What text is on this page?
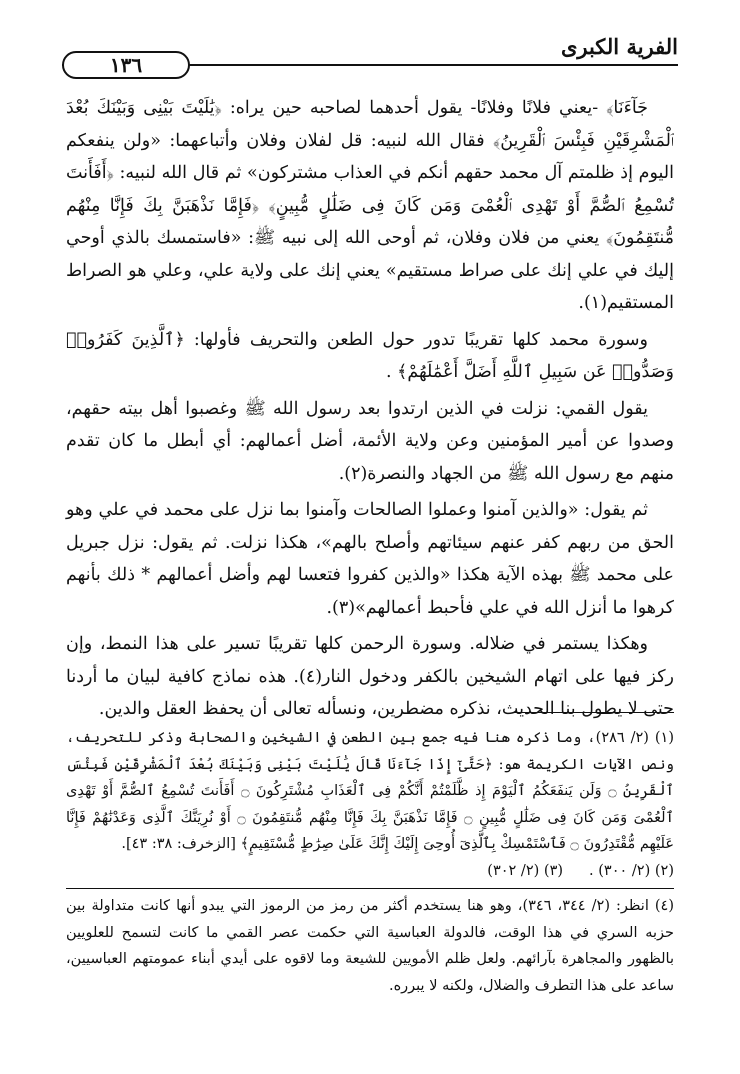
الفرية الكبرى
١٣٦

جَآءَنَا﴾ -يعني فلانًا وفلانًا- يقول أحدهما لصاحبه حين يراه: ﴿يَٰلَيْتَ بَيْنِى وَبَيْنَكَ بُعْدَ ٱلْمَشْرِقَيْنِ فَبِئْسَ ٱلْقَرِينُ﴾ فقال الله لنبيه: قل لفلان وفلان وأتباعهما: «ولن ينفعكم اليوم إذ ظلمتم آل محمد حقهم أنكم في العذاب مشتركون» ثم قال الله لنبيه: ﴿أَفَأَنتَ تُسْمِعُ ٱلصُّمَّ أَوْ تَهْدِى ٱلْعُمْىَ وَمَن كَانَ فِى ضَلَٰلٍ مُّبِينٍ﴾ ﴿فَإِمَّا نَذْهَبَنَّ بِكَ فَإِنَّا مِنْهُم مُّنتَقِمُونَ﴾ يعني من فلان وفلان، ثم أوحى الله إلى نبيه ﷺ: «فاستمسك بالذي أوحي إليك في علي إنك على صراط مستقيم» يعني إنك على ولاية علي، وعلي هو الصراط المستقيم(١).

وسورة محمد كلها تقريبًا تدور حول الطعن والتحريف فأولها: ﴿ٱلَّذِينَ كَفَرُوا۟ وَصَدُّوا۟ عَن سَبِيلِ ٱللَّهِ أَضَلَّ أَعْمَٰلَهُمْ﴾ .

يقول القمي: نزلت في الذين ارتدوا بعد رسول الله ﷺ وغصبوا أهل بيته حقهم، وصدوا عن أمير المؤمنين وعن ولاية الأئمة، أضل أعمالهم: أي أبطل ما كان تقدم منهم مع رسول الله ﷺ من الجهاد والنصرة(٢).

ثم يقول: «والذين آمنوا وعملوا الصالحات وآمنوا بما نزل على محمد في علي وهو الحق من ربهم كفر عنهم سيئاتهم وأصلح بالهم»، هكذا نزلت. ثم يقول: نزل جبريل على محمد ﷺ بهذه الآية هكذا «والذين كفروا فتعسا لهم وأضل أعمالهم * ذلك بأنهم كرهوا ما أنزل الله في علي فأحبط أعمالهم»(٣).

وهكذا يستمر في ضلاله. وسورة الرحمن كلها تقريبًا تسير على هذا النمط، وإن ركز فيها على اتهام الشيخين بالكفر ودخول النار(٤). هذه نماذج كافية لبيان ما أردنا حتى لا يطول بنا الحديث، نذكره مضطرين، ونسأله تعالى أن يحفظ العقل والدين.

(١) (٢/ ٢٨٦)، وما ذكره هنا فيه جمع بين الطعن في الشيخين والصحابة وذكر للتحريف، ونص الآيات الكريمة هو: ﴿حَتَّىٰٓ إِذَا جَآءَنَا قَالَ يَٰلَيْتَ بَيْنِى وَبَيْنَكَ بُعْدَ ٱلْمَشْرِقَيْنِ فَبِئْسَ ٱلْقَرِينُ ۝ وَلَن يَنفَعَكُمُ ٱلْيَوْمَ إِذ ظَّلَمْتُمْ أَنَّكُمْ فِى ٱلْعَذَابِ مُشْتَرِكُونَ ۝ أَفَأَنتَ تُسْمِعُ ٱلصُّمَّ أَوْ تَهْدِى ٱلْعُمْىَ وَمَن كَانَ فِى ضَلَٰلٍ مُّبِينٍ ۝ فَإِمَّا نَذْهَبَنَّ بِكَ فَإِنَّا مِنْهُم مُّنتَقِمُونَ ۝ أَوْ نُرِيَنَّكَ ٱلَّذِى وَعَدْنَٰهُمْ فَإِنَّا عَلَيْهِم مُّقْتَدِرُونَ ۝ فَٱسْتَمْسِكْ بِٱلَّذِىٓ أُوحِىَ إِلَيْكَ إِنَّكَ عَلَىٰ صِرَٰطٍ مُّسْتَقِيمٍ﴾ [الزخرف: ٣٨: ٤٣].

(٢) (٢/ ٣٠٠) .
(٣) (٢/ ٣٠٢)

(٤) انظر: (٢/ ٣٤٤، ٣٤٦)، وهو هنا يستخدم أكثر من رمز من الرموز التي يبدو أنها كانت متداولة بين حزبه السري في هذا الوقت، فالدولة العباسية التي حكمت عصر القمي ما كانت لتسمح للعلويين بالظهور والمجاهرة بآرائهم. ولعل ظلم الأمويين للشيعة وما لاقوه على أيدي أبناء عمومتهم العباسيين، ساعد على هذا التطرف والضلال، ولكنه لا يبرره.
